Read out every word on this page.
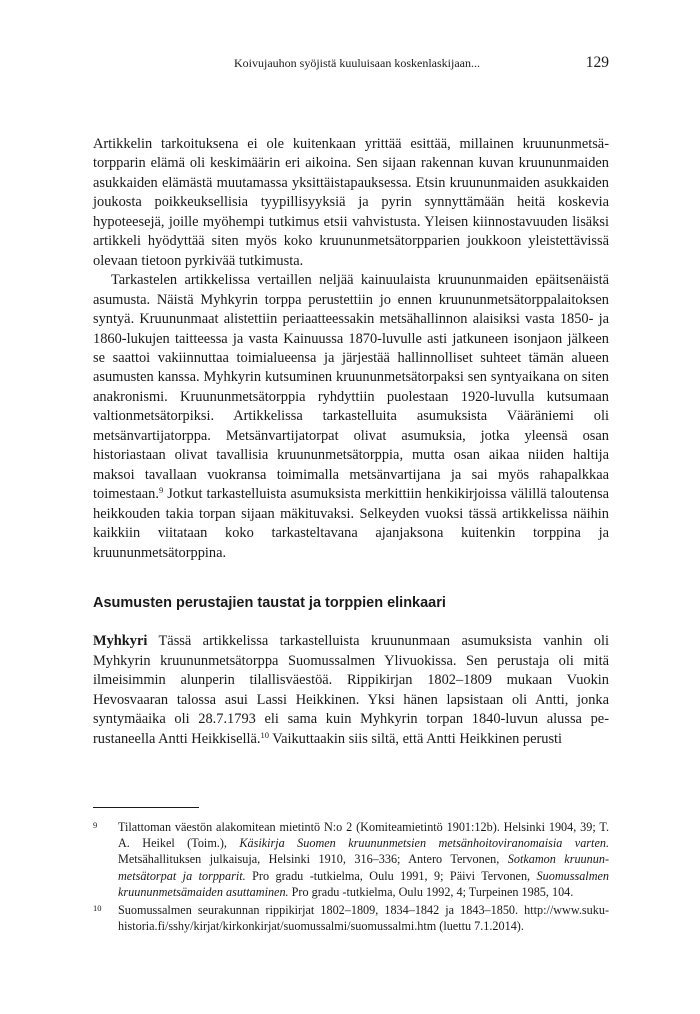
Koivujauhon syöjistä kuuluisaan koskenlaskijaan...	129

Artikkelin tarkoituksena ei ole kuitenkaan yrittää esittää, millainen kruununmetsätorpparin elämä oli keskimäärin eri aikoina. Sen sijaan rakennan kuvan kruununmaiden asukkaiden elämästä muutamassa yksittäistapauksessa. Etsin kruununmaiden asukkaiden joukosta poikkeuksellisia tyypillisyyksiä ja pyrin synnyttämään heitä koskevia hypoteesejä, joille myöhempi tutkimus etsii vahvistusta. Yleisen kiinnostavuuden lisäksi artikkeli hyödyttää siten myös koko kruununmetsätorpparien joukkoon yleistettävissä olevaan tietoon pyrkivää tutkimusta.

Tarkastelen artikkelissa vertaillen neljää kainuulaista kruununmaiden epäitsenäistä asumusta. Näistä Myhkyrin torppa perustettiin jo ennen kruununmetsätorppalaitoksen syntyä. Kruununmaat alistettiin periaatteessakin metsähallinnon alaisiksi vasta 1850- ja 1860-lukujen taitteessa ja vasta Kainuussa 1870-luvulle asti jatkuneen isonjaon jälkeen se saattoi vakiinnuttaa toimialueensa ja järjestää hallinnolliset suhteet tämän alueen asumusten kanssa. Myhkyrin kutsuminen kruununmetsätorpaksi sen syntyaikana on siten anakronismi. Kruununmetsätorppia ryhdyttiin puolestaan 1920-luvulla kutsumaan valtionmetsätorpiksi. Artikkelissa tarkastelluita asumuksista Vääräniemi oli metsänvartijatorppa. Metsänvartijatorpat olivat asumuksia, jotka yleensä osan historiastaan olivat tavallisia kruununmetsätorppia, mutta osan aikaa niiden haltija maksoi tavallaan vuokransa toimimalla metsänvartijana ja sai myös rahapalkkaa toimestaan.$^9$ Jotkut tarkastelluista asumuksista merkittiin henkikirjoissa välillä taloutensa heikkouden takia torpan sijaan mäkituvaksi. Selkeyden vuoksi tässä artikkelissa näihin kaikkiin viitataan koko tarkasteltavana ajanjaksona kuitenkin torppina ja kruununmetsätorppina.

Asumusten perustajien taustat ja torppien elinkaari

Myhkyri Tässä artikkelissa tarkastelluista kruununmaan asumuksista vanhin oli Myhkyrin kruununmetsätorppa Suomussalmen Ylivuokissa. Sen perustaja oli mitä ilmeisimmin alunperin tilallisväestöä. Rippikirjan 1802–1809 mukaan Vuokin Hevosvaaran talossa asui Lassi Heikkinen. Yksi hänen lapsistaan oli Antti, jonka syntymäaika oli 28.7.1793 eli sama kuin Myhkyrin torpan 1840-luvun alussa perustaneella Antti Heikkisellä.$^{10}$ Vaikuttaakin siis siltä, että Antti Heikkinen perusti

9 Tilattoman väestön alakomitean mietintö N:o 2 (Komiteamietintö 1901:12b). Helsinki 1904, 39; T. A. Heikel (Toim.), Käsikirja Suomen kruununmetsien metsänhoitoviranomaisia varten. Metsähallituksen julkaisuja, Helsinki 1910, 316–336; Antero Tervonen, Sotkamon kruununmetsätorpat ja torpparit. Pro gradu -tutkielma, Oulu 1991, 9; Päivi Tervonen, Suomussalmen kruununmetsämaiden asuttaminen. Pro gradu -tutkielma, Oulu 1992, 4; Turpeinen 1985, 104.
10 Suomussalmen seurakunnan rippikirjat 1802–1809, 1834–1842 ja 1843–1850. http://www.sukuhistoria.fi/sshy/kirjat/kirkonkirjat/suomussalmi/suomussalmi.htm (luettu 7.1.2014).
